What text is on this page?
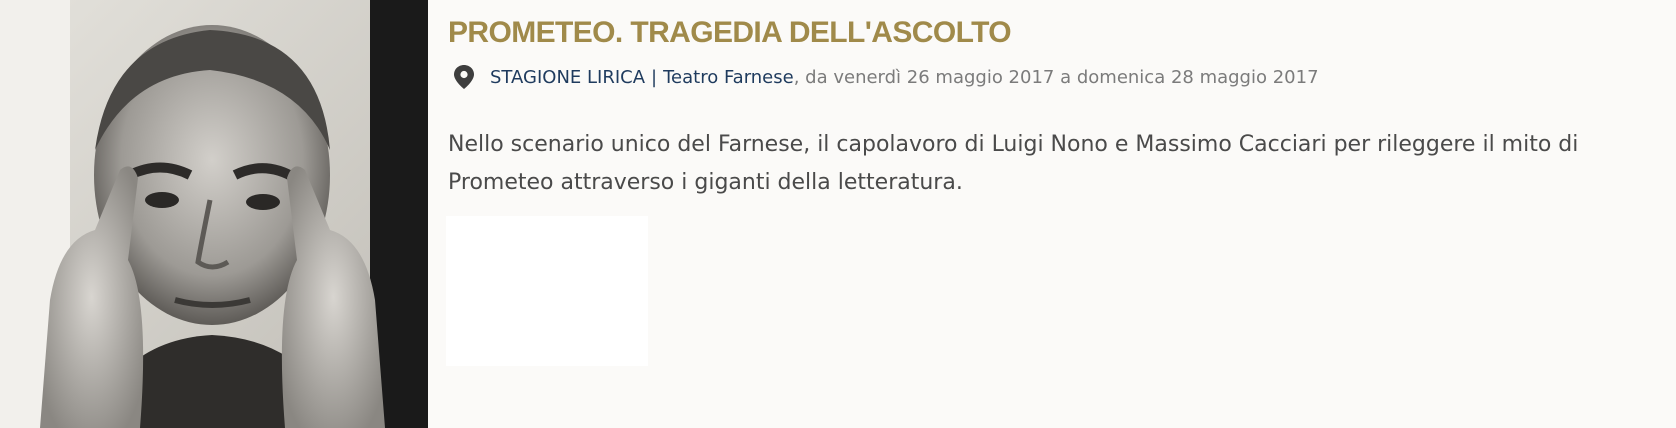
PROMETEO. TRAGEDIA DELL'ASCOLTO
STAGIONE LIRICA | Teatro Farnese , da venerdì 26 maggio 2017 a domenica 28 maggio 2017

Nello scenario unico del Farnese, il capolavoro di Luigi Nono e Massimo Cacciari per rileggere il mito di Prometeo attraverso i giganti della letteratura.
